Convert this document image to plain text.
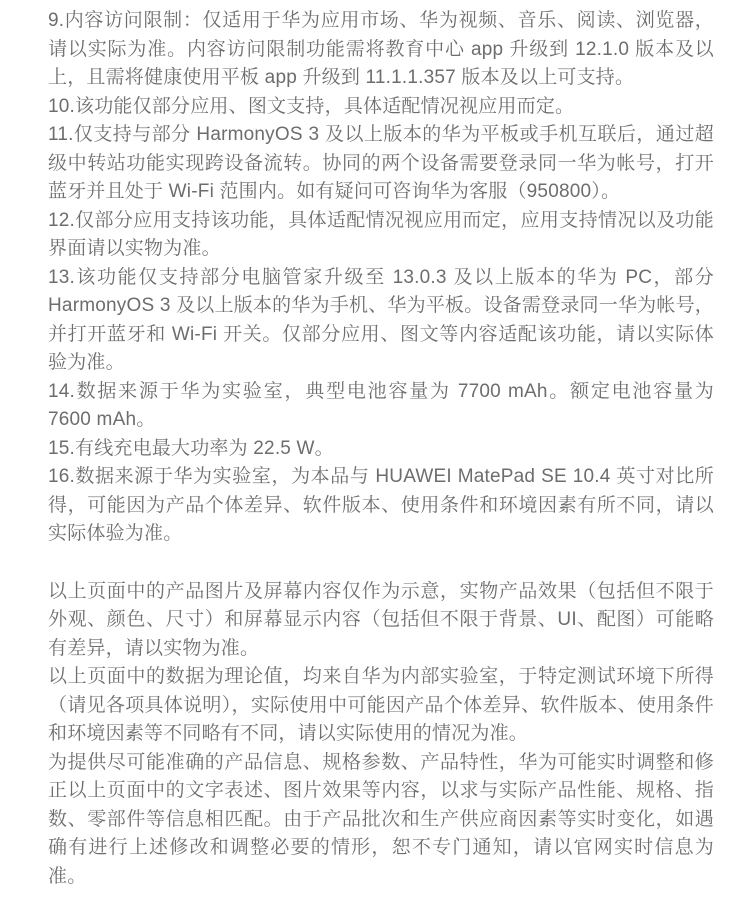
9.内容访问限制：仅适用于华为应用市场、华为视频、音乐、阅读、浏览器，请以实际为准。内容访问限制功能需将教育中心 app 升级到 12.1.0 版本及以上，且需将健康使用平板 app 升级到 11.1.1.357 版本及以上可支持。

10.该功能仅部分应用、图文支持，具体适配情况视应用而定。

11.仅支持与部分 HarmonyOS 3 及以上版本的华为平板或手机互联后，通过超级中转站功能实现跨设备流转。协同的两个设备需要登录同一华为帐号，打开蓝牙并且处于 Wi-Fi 范围内。如有疑问可咨询华为客服（950800）。

12.仅部分应用支持该功能，具体适配情况视应用而定，应用支持情况以及功能界面请以实物为准。

13.该功能仅支持部分电脑管家升级至 13.0.3 及以上版本的华为 PC，部分 HarmonyOS 3 及以上版本的华为手机、华为平板。设备需登录同一华为帐号，并打开蓝牙和 Wi-Fi 开关。仅部分应用、图文等内容适配该功能，请以实际体验为准。

14.数据来源于华为实验室，典型电池容量为 7700 mAh。额定电池容量为 7600 mAh。

15.有线充电最大功率为 22.5 W。

16.数据来源于华为实验室，为本品与 HUAWEI MatePad SE 10.4 英寸对比所得，可能因为产品个体差异、软件版本、使用条件和环境因素有所不同，请以实际体验为准。

以上页面中的产品图片及屏幕内容仅作为示意，实物产品效果（包括但不限于外观、颜色、尺寸）和屏幕显示内容（包括但不限于背景、UI、配图）可能略有差异，请以实物为准。

以上页面中的数据为理论值，均来自华为内部实验室，于特定测试环境下所得（请见各项具体说明），实际使用中可能因产品个体差异、软件版本、使用条件和环境因素等不同略有不同，请以实际使用的情况为准。

为提供尽可能准确的产品信息、规格参数、产品特性，华为可能实时调整和修正以上页面中的文字表述、图片效果等内容，以求与实际产品性能、规格、指数、零部件等信息相匹配。由于产品批次和生产供应商因素等实时变化，如遇确有进行上述修改和调整必要的情形，恕不专门通知，请以官网实时信息为准。
